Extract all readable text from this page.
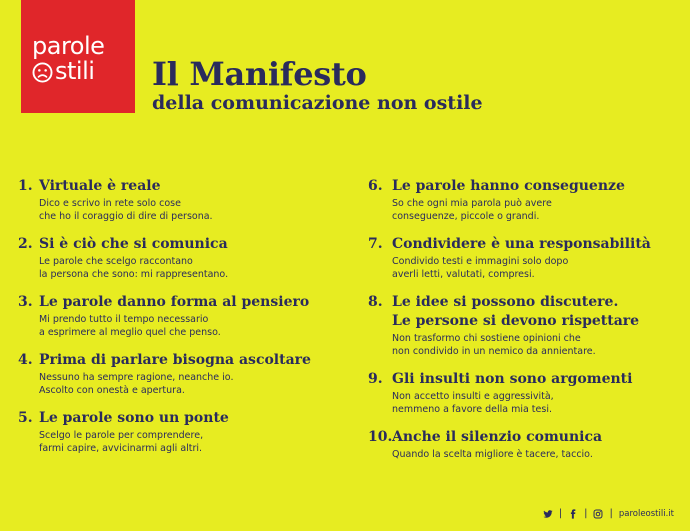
parole
stili Il Manifesto
della comunicazione non ostile
1. Virtuale è reale

Dico e scrivo in rete solo cose
che ho il coraggio di dire di persona.

2. Si è ciò che si comunica

Le parole che scelgo raccontano
la persona che sono: mi rappresentano.

3. Le parole danno forma al pensiero

Mi prendo tutto il tempo necessario
a esprimere al meglio quel che penso.

4. Prima di parlare bisogna ascoltare

Nessuno ha sempre ragione, neanche io.
Ascolto con onestà e apertura.

5. Le parole sono un ponte

Scelgo le parole per comprendere,
farmi capire, avvicinarmi agli altri.

6. Le parole hanno conseguenze

So che ogni mia parola può avere
conseguenze, piccole o grandi.

7. Condividere è una responsabilità

Condivido testi e immagini solo dopo
averli letti, valutati, compresi.

8. Le idee si possono discutere.
Le persone si devono rispettare

Non trasformo chi sostiene opinioni che
non condivido in un nemico da annientare.

9. Gli insulti non sono argomenti

Non accetto insulti e aggressività,
nemmeno a favore della mia tesi.

10. Anche il silenzio comunica

Quando la scelta migliore è tacere, taccio.

| | | paroleostili.it
